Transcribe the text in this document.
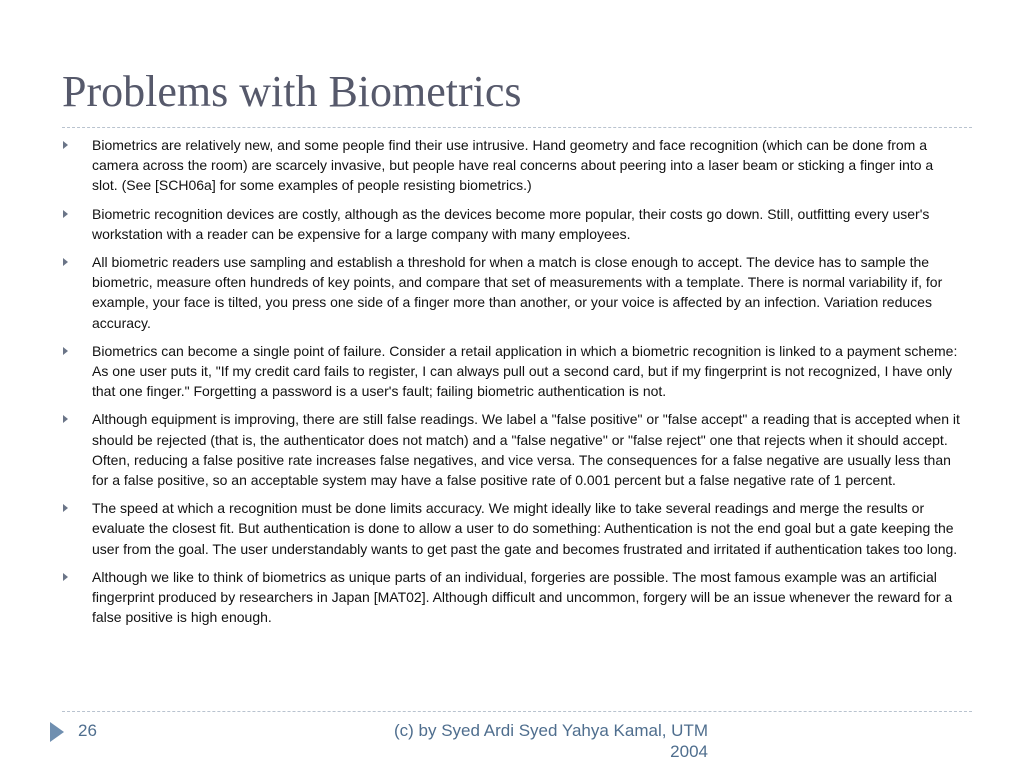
Problems with Biometrics
Biometrics are relatively new, and some people find their use intrusive. Hand geometry and face recognition (which can be done from a camera across the room) are scarcely invasive, but people have real concerns about peering into a laser beam or sticking a finger into a slot. (See [SCH06a] for some examples of people resisting biometrics.)
Biometric recognition devices are costly, although as the devices become more popular, their costs go down. Still, outfitting every user's workstation with a reader can be expensive for a large company with many employees.
All biometric readers use sampling and establish a threshold for when a match is close enough to accept. The device has to sample the biometric, measure often hundreds of key points, and compare that set of measurements with a template. There is normal variability if, for example, your face is tilted, you press one side of a finger more than another, or your voice is affected by an infection. Variation reduces accuracy.
Biometrics can become a single point of failure. Consider a retail application in which a biometric recognition is linked to a payment scheme: As one user puts it, "If my credit card fails to register, I can always pull out a second card, but if my fingerprint is not recognized, I have only that one finger." Forgetting a password is a user's fault; failing biometric authentication is not.
Although equipment is improving, there are still false readings. We label a "false positive" or "false accept" a reading that is accepted when it should be rejected (that is, the authenticator does not match) and a "false negative" or "false reject" one that rejects when it should accept. Often, reducing a false positive rate increases false negatives, and vice versa. The consequences for a false negative are usually less than for a false positive, so an acceptable system may have a false positive rate of 0.001 percent but a false negative rate of 1 percent.
The speed at which a recognition must be done limits accuracy. We might ideally like to take several readings and merge the results or evaluate the closest fit. But authentication is done to allow a user to do something: Authentication is not the end goal but a gate keeping the user from the goal. The user understandably wants to get past the gate and becomes frustrated and irritated if authentication takes too long.
Although we like to think of biometrics as unique parts of an individual, forgeries are possible. The most famous example was an artificial fingerprint produced by researchers in Japan [MAT02]. Although difficult and uncommon, forgery will be an issue whenever the reward for a false positive is high enough.
26	(c) by Syed Ardi Syed Yahya Kamal, UTM
2004
